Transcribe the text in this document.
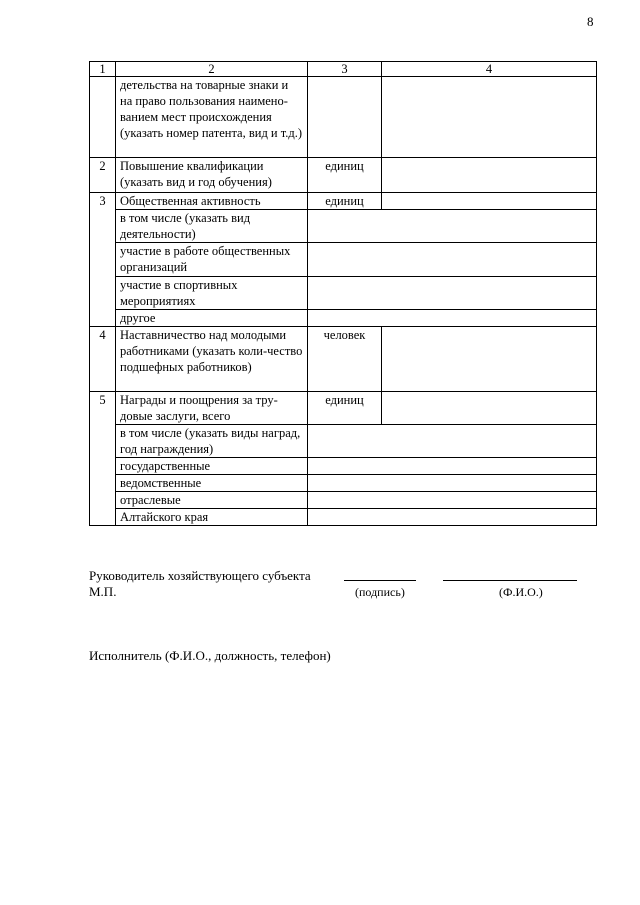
8
1	2	3	4
	детельства на товарные знаки и на право пользования наимено-ванием мест происхождения (указать номер патента, вид и т.д.)		
2	Повышение квалификации (указать вид и год обучения)	единиц	
3	Общественная активность	единиц	
	в том числе (указать вид деятельности)		
	участие в работе общественных организаций		
	участие в спортивных мероприятиях		
	другое		
4	Наставничество над молодыми работниками (указать коли-чество подшефных работников)	человек	
5	Награды и поощрения за тру-довые заслуги, всего	единиц	
	в том числе (указать виды наград, год награждения)		
	государственные		
	ведомственные		
	отраслевые		
	Алтайского края		
Руководитель хозяйствующего субъекта
М.П.	(подпись)	(Ф.И.О.)
Исполнитель (Ф.И.О., должность, телефон)
